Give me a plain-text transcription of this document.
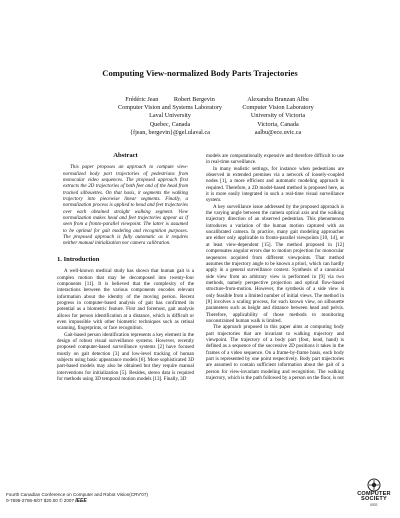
Computing View-normalized Body Parts Trajectories
Frédéric Jean          Robert Bergevin
Computer Vision and Systems Laboratory
Laval University
Quebec, Canada
{fjean, bergevin}@gel.ulaval.ca
Alexandra Branzan Albu
Computer Vision Laboratory
University of Victoria
Victoria, Canada
aalbu@ece.uvic.ca
Abstract

This paper proposes an approach to compute view-normalized body part trajectories of pedestrians from monocular video sequences. The proposed approach first extracts the 2D trajectories of both feet and of the head from tracked silhouettes. On that basis, it segments the walking trajectory into piecewise linear segments. Finally, a normalization process is applied to head and feet trajectories over each obtained straight walking segment. View normalization makes head and feet trajectories appear as if seen from a fronto-parallel viewpoint. The latter is assumed to be optimal for gait modeling and recognition purposes. The proposed approach is fully automatic as it requires neither manual initialization nor camera calibration.

1. Introduction

A well-known medical study has shown that human gait is a complex motion that may be decomposed into twenty-four components [11]. It is believed that the complexity of the interactions between the various components encodes relevant information about the identity of the moving person. Recent progress in computer-based analysis of gait has confirmed its potential as a biometric feature. First and foremost, gait analysis allows for person identification at a distance, which is difficult or even impossible with other biometric techniques such as retinal scanning, fingerprints, or face recognition.

Gait-based person identification represents a key element in the design of robust visual surveillance systems. However, recently proposed computer-based surveillance systems [2] have focused mostly on gait detection [3] and low-level tracking of human subjects using basic appearance models [6]. More sophisticated 3D part-based models may also be obtained but they require manual interventions for initialization [5]. Besides, stereo data is required for methods using 3D temporal motion models [13]. Finally, 3D

models are computationally expensive and therefore difficult to use in real-time surveillance.

In many realistic settings, for instance when pedestrians are observed in extended premises via a network of loosely-coupled nodes [1], a more efficient and automatic modeling approach is required. Therefore, a 2D model-based method is proposed here, as it is more easily integrated in such a real-time visual surveillance system.

A key surveillance issue addressed by the proposed approach is the varying angle between the camera optical axis and the walking trajectory direction of an observed pedestrian. This phenomenon introduces a variation of the human motion captured with an uncalibrated camera. In practice, many gait modeling approaches are either only applicable to fronto-parallel viewpoints [10, 14], or at least view-dependent [15]. The method proposed in [12] compensates angular errors due to motion projection for monocular sequences acquired from different viewpoints. That method assumes the trajectory angle to be known a priori, which can hardly apply in a general surveillance context. Synthesis of a canonical side view from an arbitrary view is performed in [9] via two methods, namely perspective projection and optical flow-based structure-from-motion. However, the synthesis of a side view is only feasible from a limited number of initial views. The method in [8] involves a scaling process, for each known view, on silhouette parameters such as height and distance between head and pelvis. Therefore, applicability of those methods to monitoring unconstrained human walk is limited.

The approach proposed in this paper aims at computing body part trajectories that are invariant to walking trajectory and viewpoint. The trajectory of a body part (foot, head, hand) is defined as a sequence of the successive 2D positions it takes in the frames of a video sequence. On a frame-by-frame basis, each body part is represented by one point respectively. Body part trajectories are assumed to contain sufficient information about the gait of a person for view-invariant modeling and recognition. The walking trajectory, which is the path followed by a person on the floor, is not

Fourth Canadian Conference on Computer and Robot Vision(CRV'07)
0-7695-2786-8/07 $20.00 © 2007 IEEE
COMPUTER
SOCIETY
IEEE
